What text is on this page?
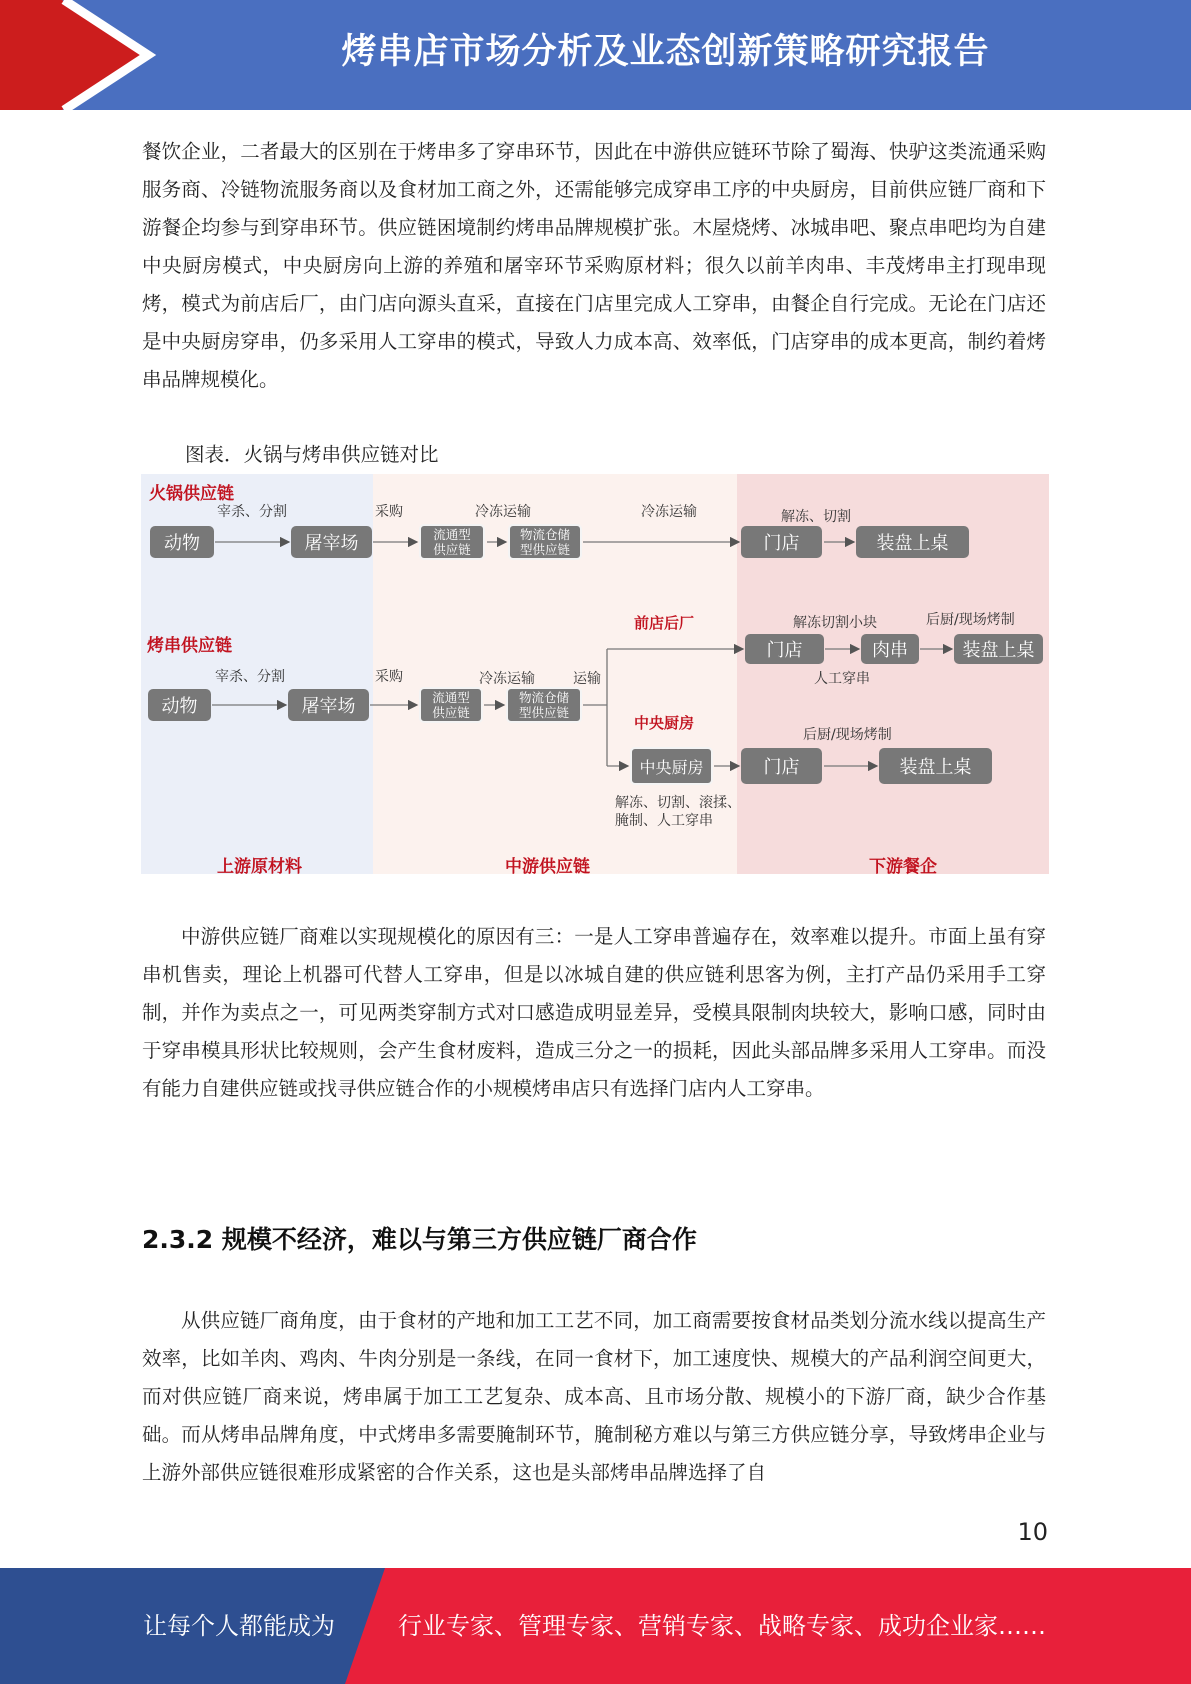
烤串店市场分析及业态创新策略研究报告

餐饮企业，二者最大的区别在于烤串多了穿串环节，因此在中游供应链环节除了蜀海、快驴这类流通采购服务商、冷链物流服务商以及食材加工商之外，还需能够完成穿串工序的中央厨房，目前供应链厂商和下游餐企均参与到穿串环节。供应链困境制约烤串品牌规模扩张。木屋烧烤、冰城串吧、聚点串吧均为自建中央厨房模式，中央厨房向上游的养殖和屠宰环节采购原材料；很久以前羊肉串、丰茂烤串主打现串现烤，模式为前店后厂，由门店向源头直采，直接在门店里完成人工穿串，由餐企自行完成。无论在门店还是中央厨房穿串，仍多采用人工穿串的模式，导致人力成本高、效率低，门店穿串的成本更高，制约着烤串品牌规模化。

图表．火锅与烤串供应链对比
火锅供应链
宰杀、分割	采购	冷冻运输	冷冻运输	解冻、切割
动物	屠宰场	流通型
供应链
物流仓储
型供应链	门店	装盘上桌
烤串供应链
宰杀、分割	采购	冷冻运输	运输
动物	屠宰场	流通型
供应链
物流仓储
型供应链
前店后厂	解冻切割小块	后厨/现场烤制
门店	肉串	装盘上桌
人工穿串
中央厨房
后厨/现场烤制
中央厨房	门店	装盘上桌
解冻、切割、滚揉、
腌制、人工穿串
上游原材料	中游供应链	下游餐企

中游供应链厂商难以实现规模化的原因有三：一是人工穿串普遍存在，效率难以提升。市面上虽有穿串机售卖，理论上机器可代替人工穿串，但是以冰城自建的供应链利思客为例，主打产品仍采用手工穿制，并作为卖点之一，可见两类穿制方式对口感造成明显差异，受模具限制肉块较大，影响口感，同时由于穿串模具形状比较规则，会产生食材废料，造成三分之一的损耗，因此头部品牌多采用人工穿串。而没有能力自建供应链或找寻供应链合作的小规模烤串店只有选择门店内人工穿串。

2.3.2 规模不经济，难以与第三方供应链厂商合作

从供应链厂商角度，由于食材的产地和加工工艺不同，加工商需要按食材品类划分流水线以提高生产效率，比如羊肉、鸡肉、牛肉分别是一条线，在同一食材下，加工速度快、规模大的产品利润空间更大，而对供应链厂商来说，烤串属于加工工艺复杂、成本高、且市场分散、规模小的下游厂商，缺少合作基础。而从烤串品牌角度，中式烤串多需要腌制环节，腌制秘方难以与第三方供应链分享，导致烤串企业与上游外部供应链很难形成紧密的合作关系，这也是头部烤串品牌选择了自

10
让每个人都能成为	行业专家、管理专家、营销专家、战略专家、成功企业家……
